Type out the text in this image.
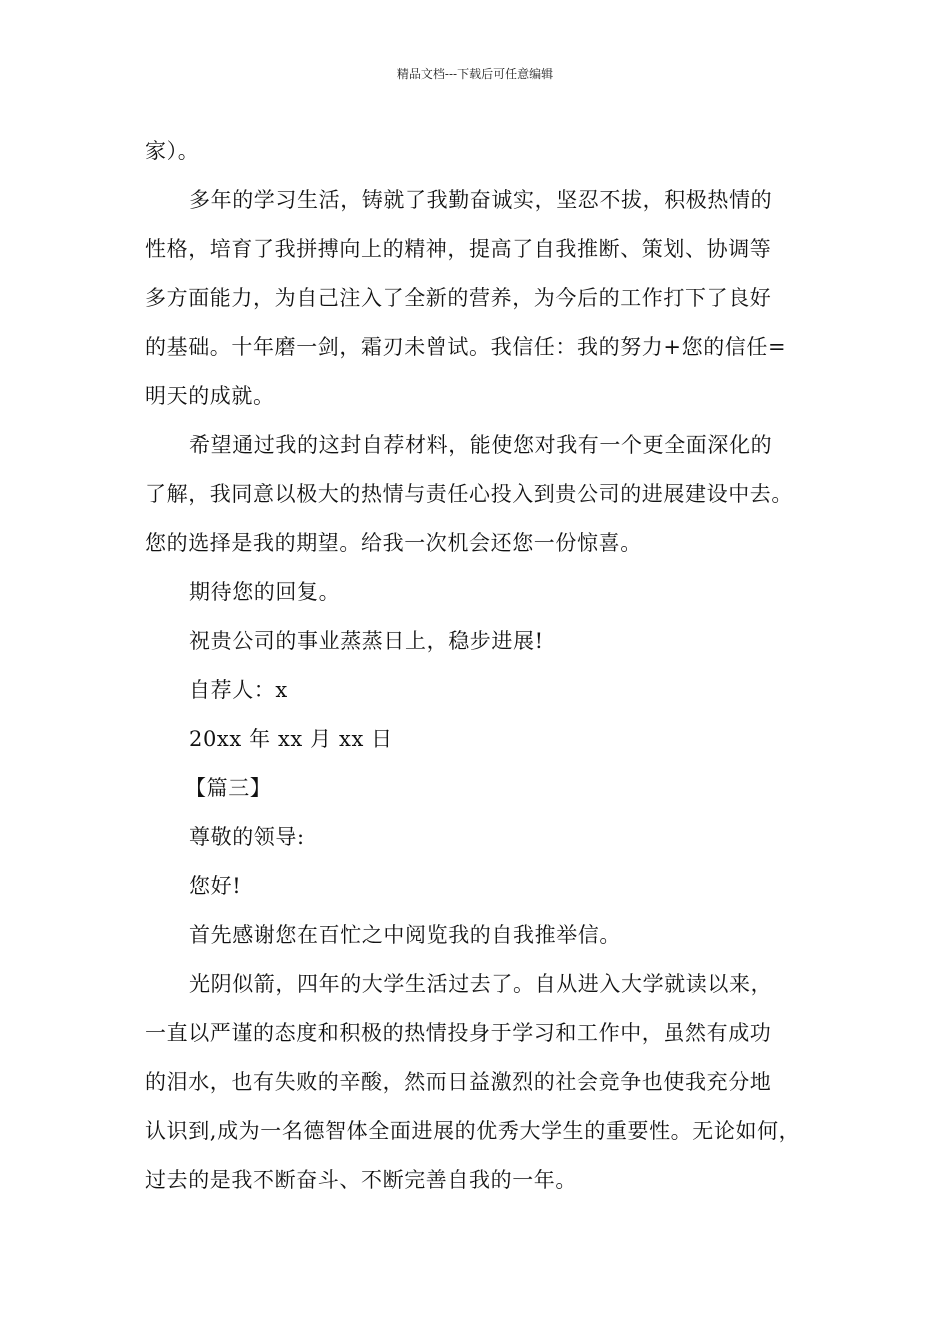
精品文档---下载后可任意编辑
家）。
多年的学习生活，铸就了我勤奋诚实，坚忍不拔，积极热情的
性格，培育了我拼搏向上的精神，提高了自我推断、策划、协调等
多方面能力，为自己注入了全新的营养，为今后的工作打下了良好
的基础。十年磨一剑，霜刃未曾试。我信任：我的努力+您的信任=
明天的成就。
希望通过我的这封自荐材料，能使您对我有一个更全面深化的
了解，我同意以极大的热情与责任心投入到贵公司的进展建设中去。
您的选择是我的期望。给我一次机会还您一份惊喜。
期待您的回复。
祝贵公司的事业蒸蒸日上，稳步进展!
自荐人：x
20xx 年 xx 月 xx 日
【篇三】
尊敬的领导:
您好!
首先感谢您在百忙之中阅览我的自我推举信。
光阴似箭，四年的大学生活过去了。自从进入大学就读以来，
一直以严谨的态度和积极的热情投身于学习和工作中，虽然有成功
的泪水，也有失败的辛酸，然而日益激烈的社会竞争也使我充分地
认识到,成为一名德智体全面进展的优秀大学生的重要性。无论如何，
过去的是我不断奋斗、不断完善自我的一年。
